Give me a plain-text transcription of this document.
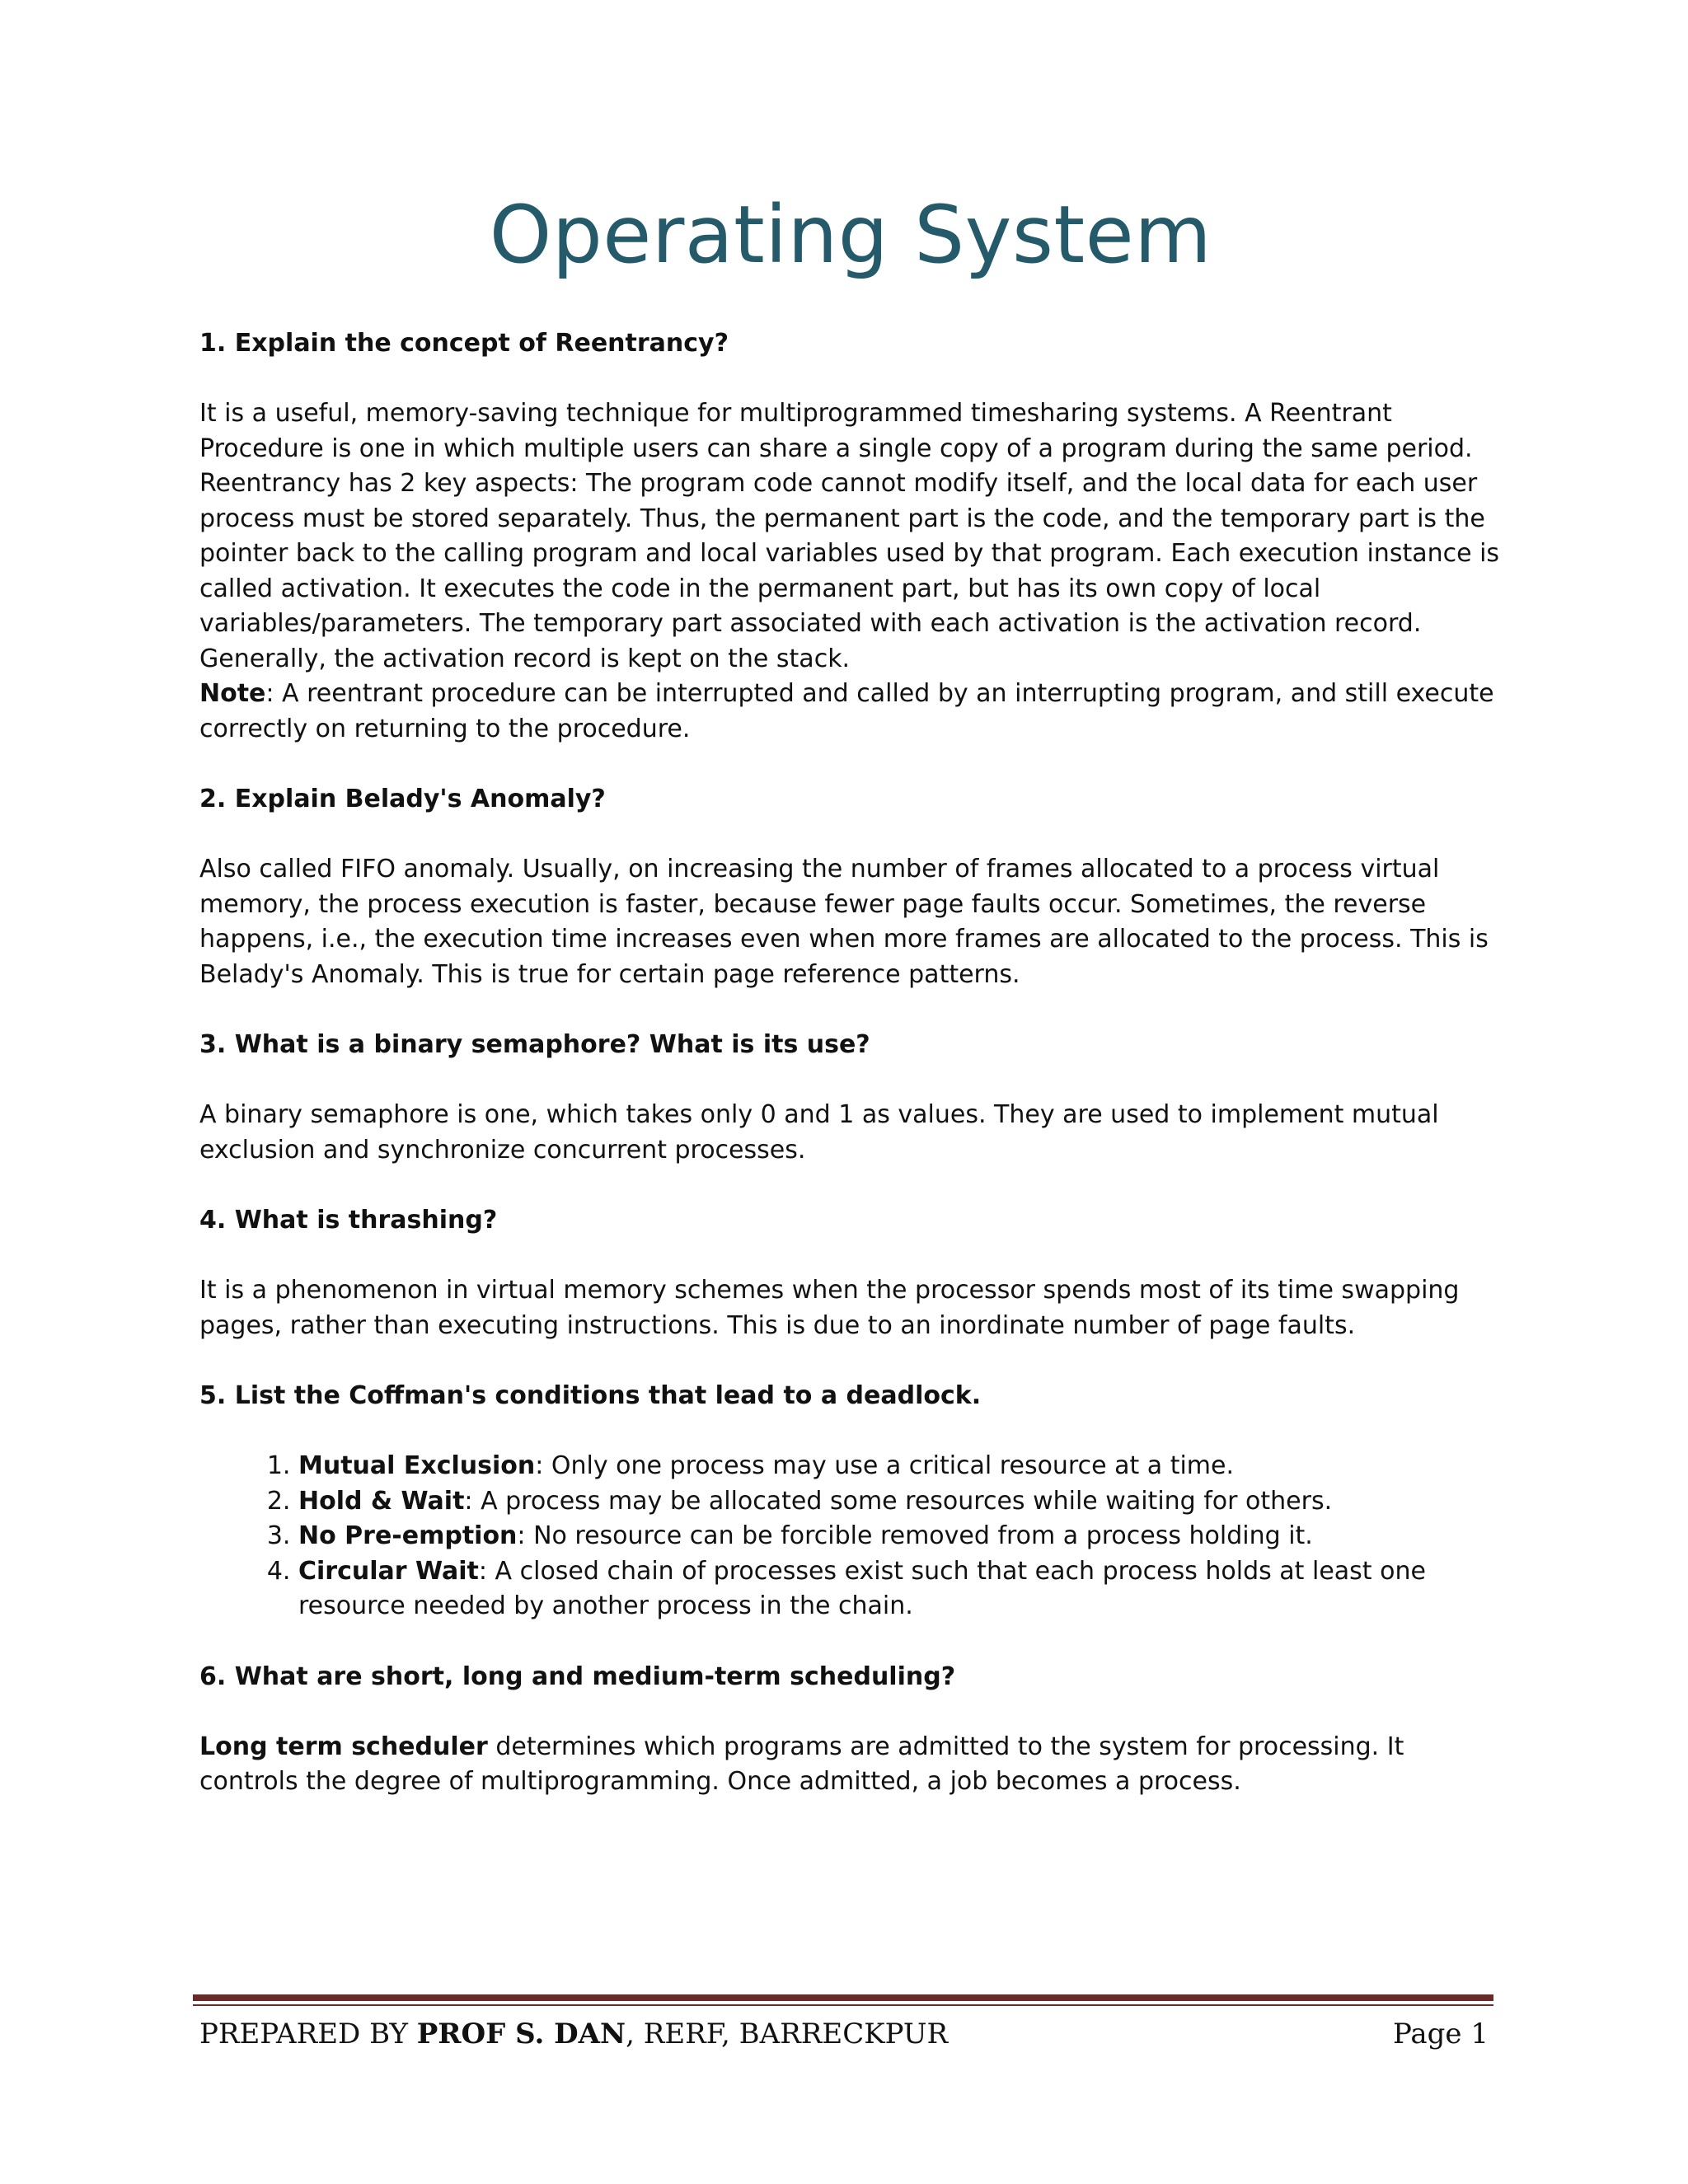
Operating System
1. Explain the concept of Reentrancy?

It is a useful, memory-saving technique for multiprogrammed timesharing systems. A Reentrant Procedure is one in which multiple users can share a single copy of a program during the same period. Reentrancy has 2 key aspects: The program code cannot modify itself, and the local data for each user process must be stored separately. Thus, the permanent part is the code, and the temporary part is the pointer back to the calling program and local variables used by that program. Each execution instance is called activation. It executes the code in the permanent part, but has its own copy of local variables/parameters. The temporary part associated with each activation is the activation record. Generally, the activation record is kept on the stack.

Note: A reentrant procedure can be interrupted and called by an interrupting program, and still execute correctly on returning to the procedure.

2. Explain Belady's Anomaly?

Also called FIFO anomaly. Usually, on increasing the number of frames allocated to a process virtual memory, the process execution is faster, because fewer page faults occur. Sometimes, the reverse happens, i.e., the execution time increases even when more frames are allocated to the process. This is Belady's Anomaly. This is true for certain page reference patterns.

3. What is a binary semaphore? What is its use?

A binary semaphore is one, which takes only 0 and 1 as values. They are used to implement mutual exclusion and synchronize concurrent processes.

4. What is thrashing?

It is a phenomenon in virtual memory schemes when the processor spends most of its time swapping pages, rather than executing instructions. This is due to an inordinate number of page faults.

5. List the Coffman's conditions that lead to a deadlock.
1. Mutual Exclusion: Only one process may use a critical resource at a time.
2. Hold & Wait: A process may be allocated some resources while waiting for others.
3. No Pre-emption: No resource can be forcible removed from a process holding it.
4. Circular Wait: A closed chain of processes exist such that each process holds at least one resource needed by another process in the chain.
6. What are short, long and medium-term scheduling?

Long term scheduler determines which programs are admitted to the system for processing. It controls the degree of multiprogramming. Once admitted, a job becomes a process.

PREPARED BY PROF S. DAN, RERF, BARRECKPUR	Page 1
